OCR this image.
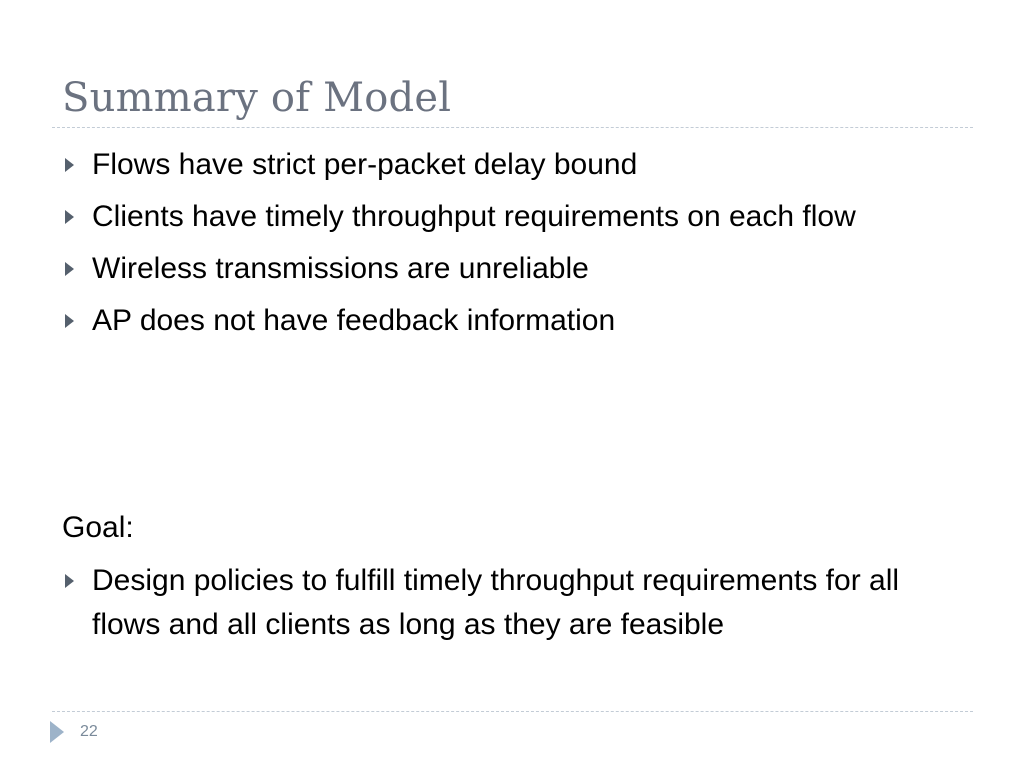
Summary of Model
Flows have strict per-packet delay bound
Clients have timely throughput requirements on each flow
Wireless transmissions are unreliable
AP does not have feedback information

Goal:

Design policies to fulfill timely throughput requirements for all flows and all clients as long as they are feasible
22
